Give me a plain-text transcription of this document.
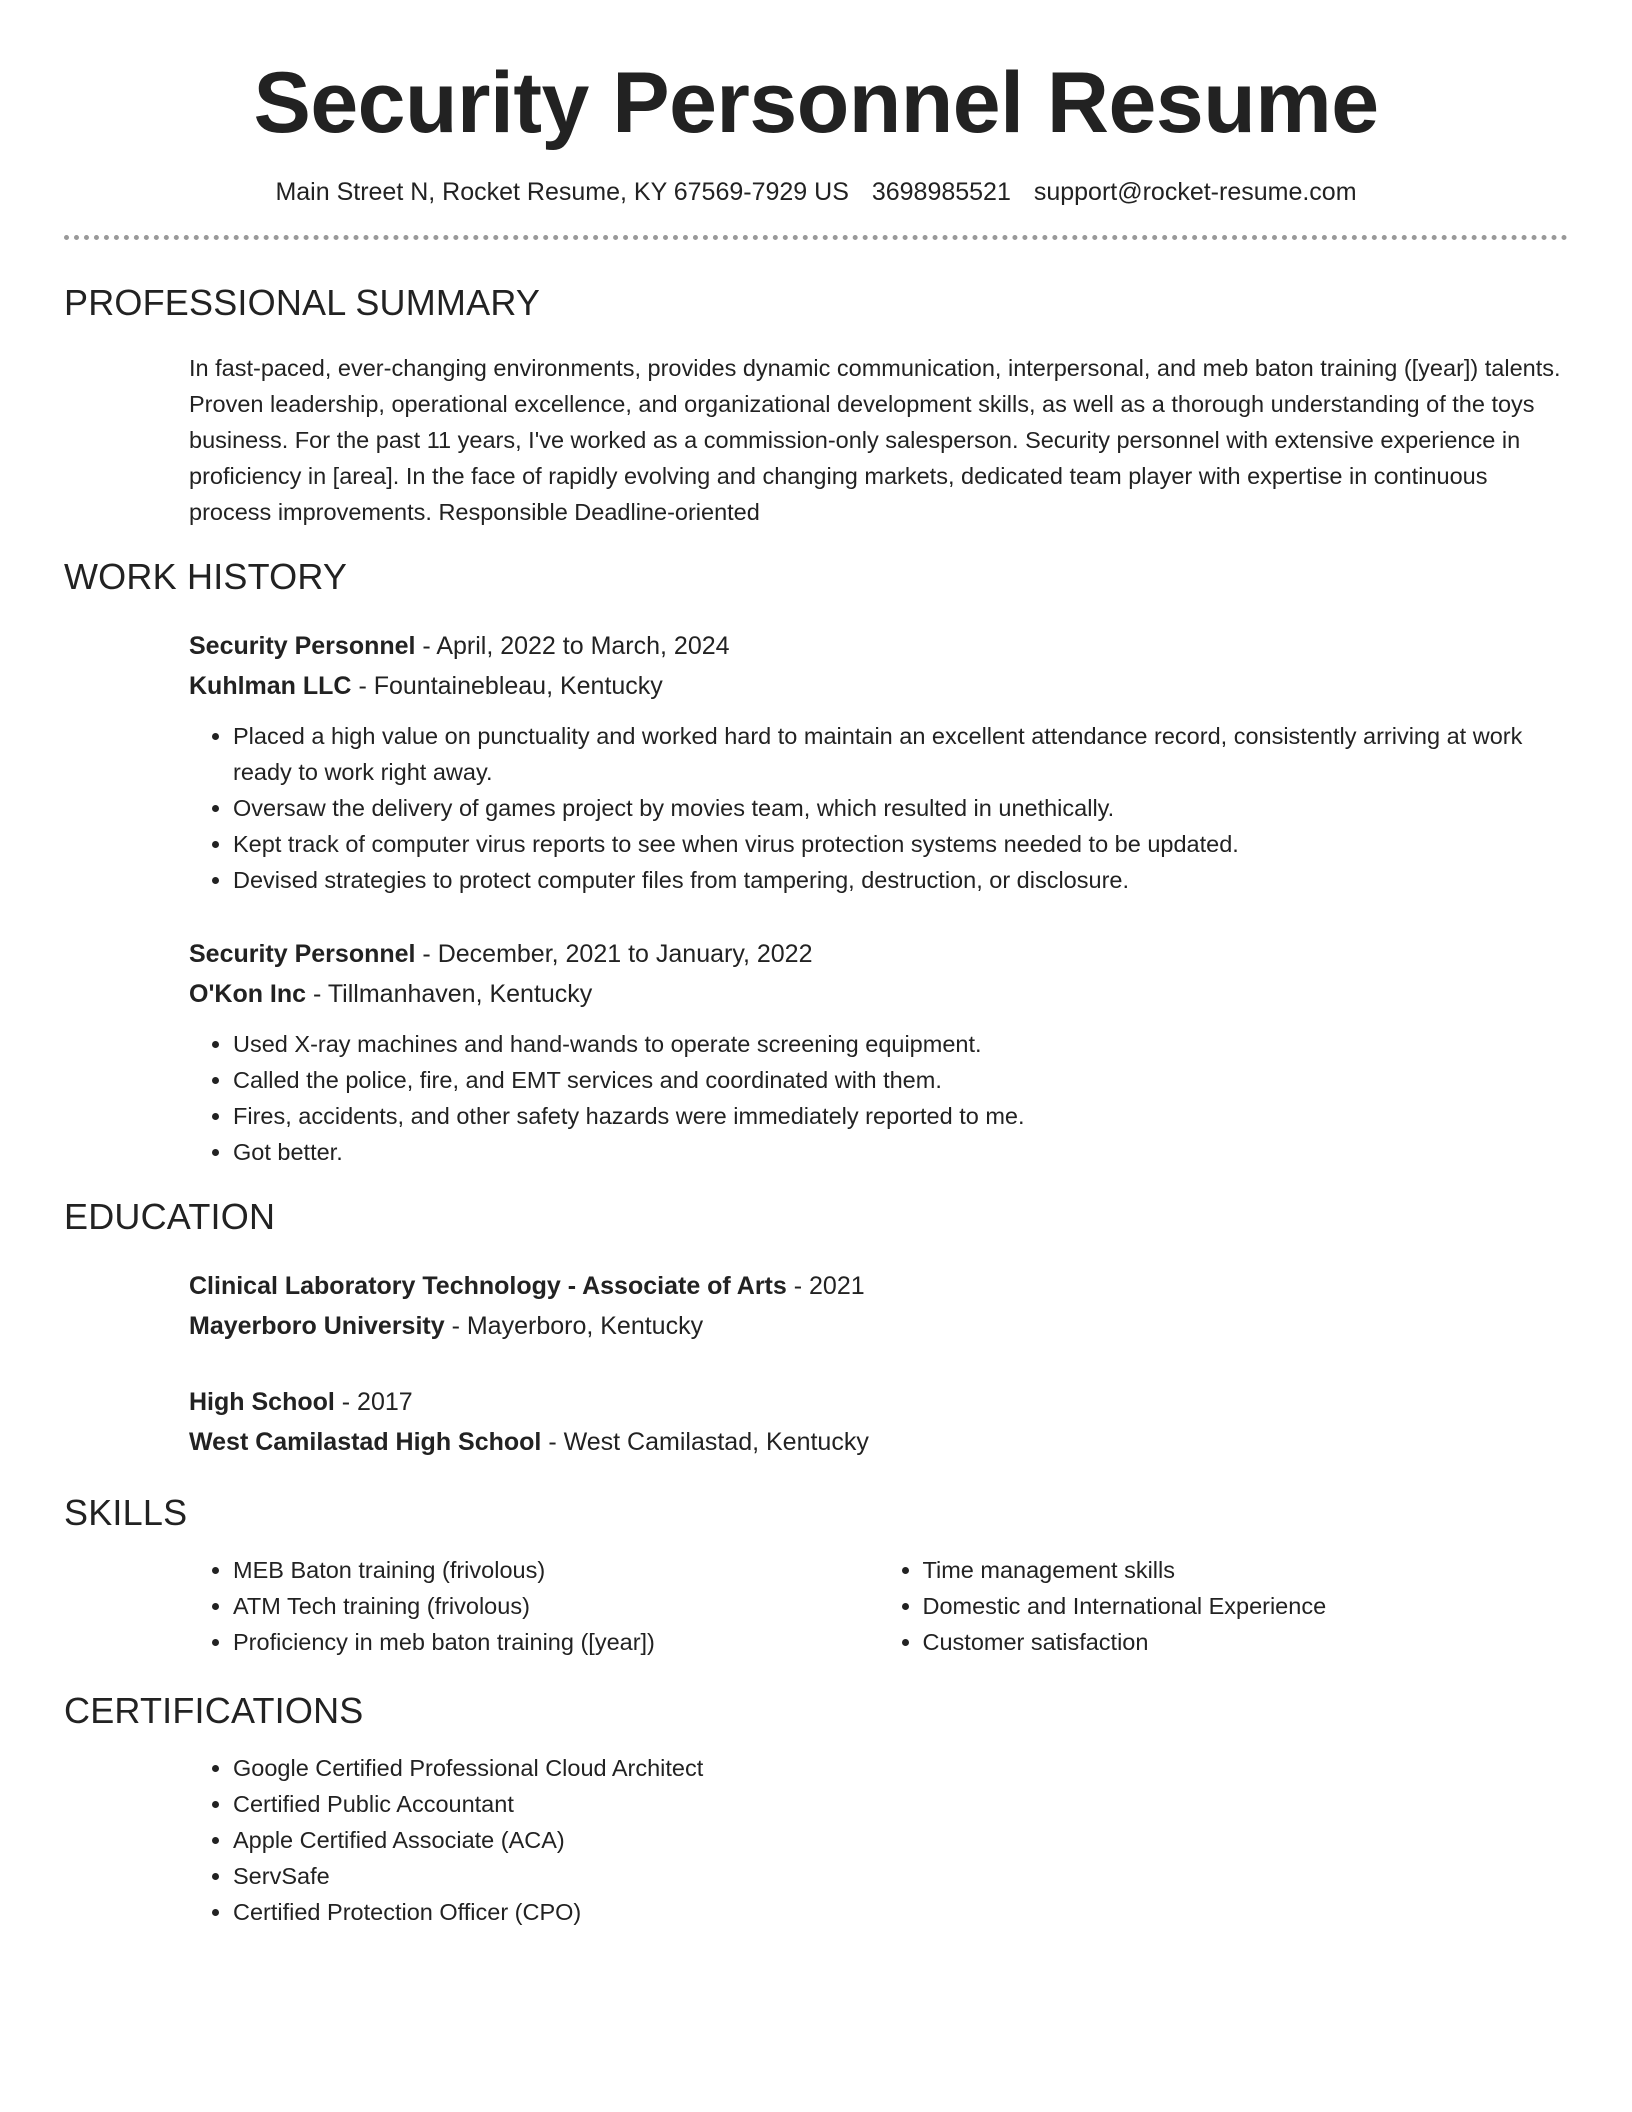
Security Personnel Resume
Main Street N, Rocket Resume, KY 67569-7929 US 3698985521 support@rocket-resume.com
PROFESSIONAL SUMMARY
In fast-paced, ever-changing environments, provides dynamic communication, interpersonal, and meb baton training ([year]) talents. Proven leadership, operational excellence, and organizational development skills, as well as a thorough understanding of the toys business. For the past 11 years, I've worked as a commission-only salesperson. Security personnel with extensive experience in proficiency in [area]. In the face of rapidly evolving and changing markets, dedicated team player with expertise in continuous process improvements. Responsible Deadline-oriented
WORK HISTORY
Security Personnel - April, 2022 to March, 2024
Kuhlman LLC - Fountainebleau, Kentucky
• Placed a high value on punctuality and worked hard to maintain an excellent attendance record, consistently arriving at work ready to work right away.
• Oversaw the delivery of games project by movies team, which resulted in unethically.
• Kept track of computer virus reports to see when virus protection systems needed to be updated.
• Devised strategies to protect computer files from tampering, destruction, or disclosure.
Security Personnel - December, 2021 to January, 2022
O'Kon Inc - Tillmanhaven, Kentucky
• Used X-ray machines and hand-wands to operate screening equipment.
• Called the police, fire, and EMT services and coordinated with them.
• Fires, accidents, and other safety hazards were immediately reported to me.
• Got better.
EDUCATION
Clinical Laboratory Technology - Associate of Arts - 2021
Mayerboro University - Mayerboro, Kentucky
High School - 2017
West Camilastad High School - West Camilastad, Kentucky
SKILLS
• MEB Baton training (frivolous)
• ATM Tech training (frivolous)
• Proficiency in meb baton training ([year])
• Time management skills
• Domestic and International Experience
• Customer satisfaction
CERTIFICATIONS
• Google Certified Professional Cloud Architect
• Certified Public Accountant
• Apple Certified Associate (ACA)
• ServSafe
• Certified Protection Officer (CPO)
